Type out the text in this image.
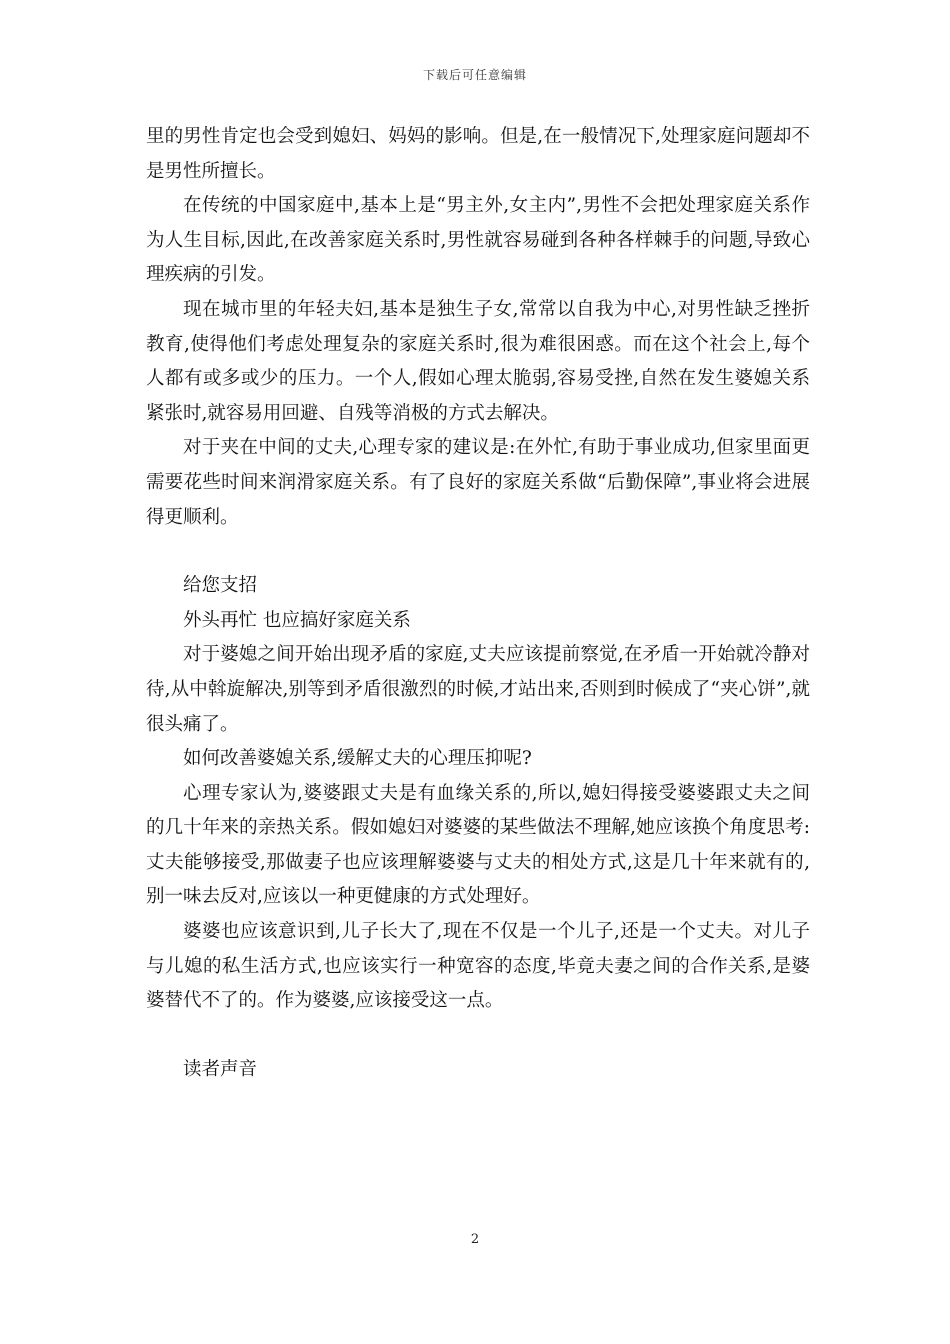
下载后可任意编辑

里的男性肯定也会受到媳妇、妈妈的影响。但是,在一般情况下,处理家庭问题却不是男性所擅长。

在传统的中国家庭中,基本上是“男主外,女主内”,男性不会把处理家庭关系作为人生目标,因此,在改善家庭关系时,男性就容易碰到各种各样棘手的问题,导致心理疾病的引发。

现在城市里的年轻夫妇,基本是独生子女,常常以自我为中心,对男性缺乏挫折教育,使得他们考虑处理复杂的家庭关系时,很为难很困惑。而在这个社会上,每个人都有或多或少的压力。一个人,假如心理太脆弱,容易受挫,自然在发生婆媳关系紧张时,就容易用回避、自残等消极的方式去解决。

对于夹在中间的丈夫,心理专家的建议是:在外忙,有助于事业成功,但家里面更需要花些时间来润滑家庭关系。有了良好的家庭关系做“后勤保障”,事业将会进展得更顺利。

给您支招

外头再忙 也应搞好家庭关系

对于婆媳之间开始出现矛盾的家庭,丈夫应该提前察觉,在矛盾一开始就冷静对待,从中斡旋解决,别等到矛盾很激烈的时候,才站出来,否则到时候成了“夹心饼”,就很头痛了。

如何改善婆媳关系,缓解丈夫的心理压抑呢?

心理专家认为,婆婆跟丈夫是有血缘关系的,所以,媳妇得接受婆婆跟丈夫之间的几十年来的亲热关系。假如媳妇对婆婆的某些做法不理解,她应该换个角度思考:丈夫能够接受,那做妻子也应该理解婆婆与丈夫的相处方式,这是几十年来就有的,别一味去反对,应该以一种更健康的方式处理好。

婆婆也应该意识到,儿子长大了,现在不仅是一个儿子,还是一个丈夫。对儿子与儿媳的私生活方式,也应该实行一种宽容的态度,毕竟夫妻之间的合作关系,是婆婆替代不了的。作为婆婆,应该接受这一点。

读者声音

2
